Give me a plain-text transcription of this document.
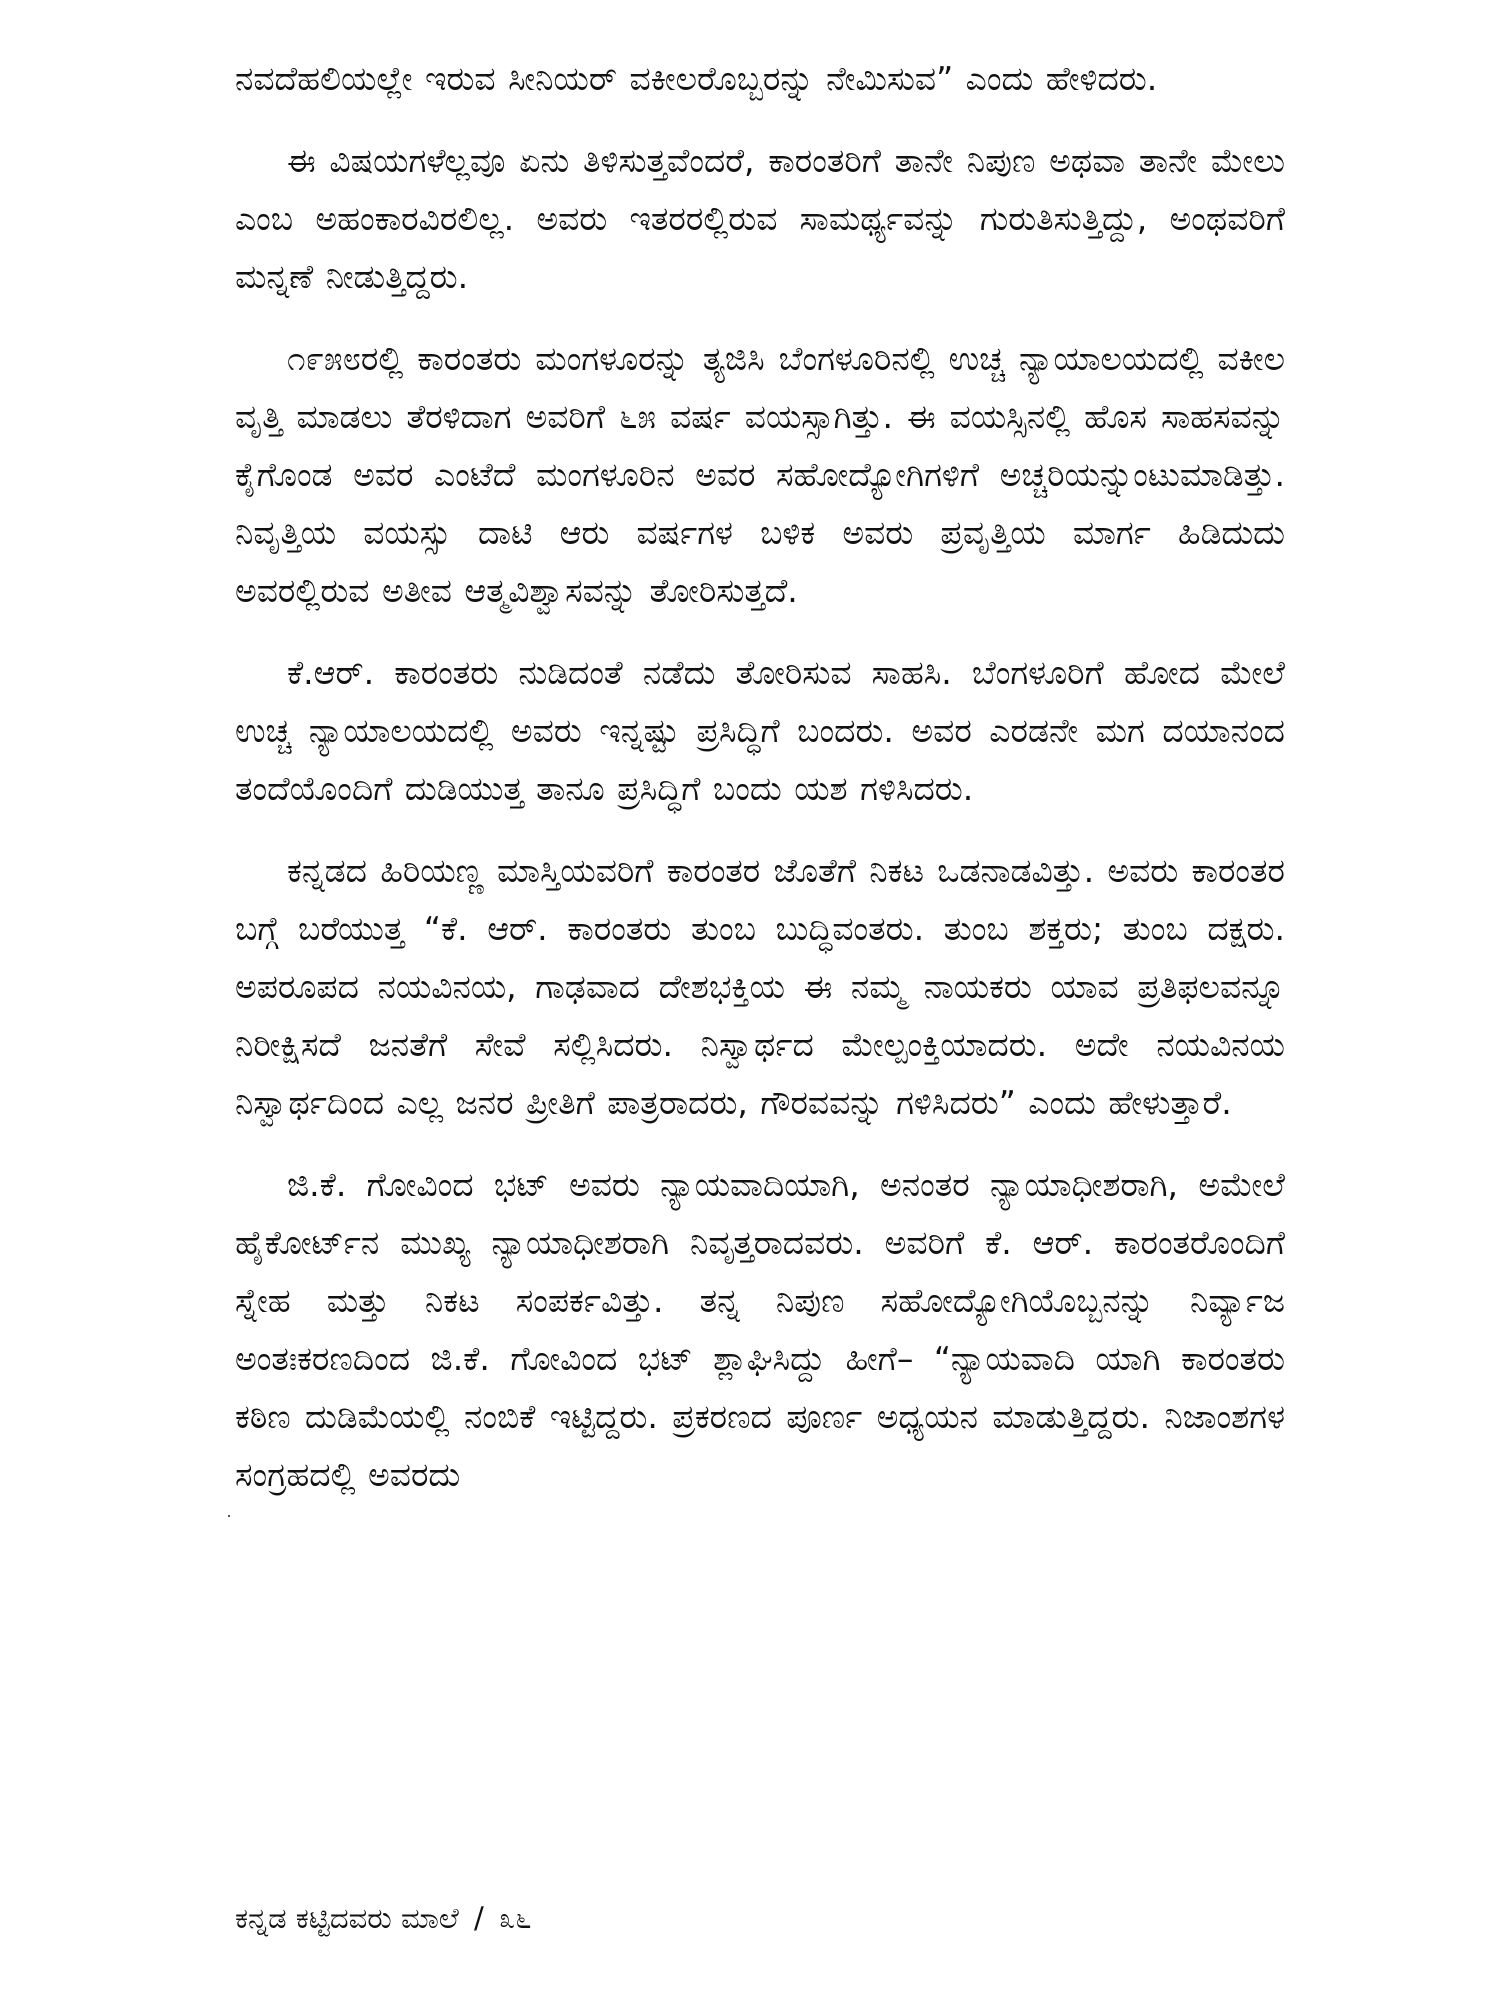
ನವದೆಹಲಿಯಲ್ಲೇ ಇರುವ ಸೀನಿಯರ್ ವಕೀಲರೊಬ್ಬರನ್ನು ನೇಮಿಸುವ” ಎಂದು ಹೇಳಿದರು.

ಈ ವಿಷಯಗಳೆಲ್ಲವೂ ಏನು ತಿಳಿಸುತ್ತವೆಂದರೆ, ಕಾರಂತರಿಗೆ ತಾನೇ ನಿಪುಣ ಅಥವಾ ತಾನೇ ಮೇಲು ಎಂಬ ಅಹಂಕಾರವಿರಲಿಲ್ಲ. ಅವರು ಇತರರಲ್ಲಿರುವ ಸಾಮರ್ಥ್ಯವನ್ನು ಗುರುತಿಸುತ್ತಿದ್ದು, ಅಂಥವರಿಗೆ ಮನ್ನಣೆ ನೀಡುತ್ತಿದ್ದರು.

೧೯೫೮ರಲ್ಲಿ ಕಾರಂತರು ಮಂಗಳೂರನ್ನು ತ್ಯಜಿಸಿ ಬೆಂಗಳೂರಿನಲ್ಲಿ ಉಚ್ಚ ನ್ಯಾಯಾಲಯದಲ್ಲಿ ವಕೀಲ ವೃತ್ತಿ ಮಾಡಲು ತೆರಳಿದಾಗ ಅವರಿಗೆ ೬೫ ವರ್ಷ ವಯಸ್ಸಾಗಿತ್ತು. ಈ ವಯಸ್ಸಿನಲ್ಲಿ ಹೊಸ ಸಾಹಸವನ್ನು ಕೈಗೊಂಡ ಅವರ ಎಂಟೆದೆ ಮಂಗಳೂರಿನ ಅವರ ಸಹೋದ್ಯೋಗಿಗಳಿಗೆ ಅಚ್ಚರಿಯನ್ನುಂಟುಮಾಡಿತ್ತು. ನಿವೃತ್ತಿಯ ವಯಸ್ಸು ದಾಟಿ ಆರು ವರ್ಷಗಳ ಬಳಿಕ ಅವರು ಪ್ರವೃತ್ತಿಯ ಮಾರ್ಗ ಹಿಡಿದುದು ಅವರಲ್ಲಿರುವ ಅತೀವ ಆತ್ಮವಿಶ್ವಾಸವನ್ನು ತೋರಿಸುತ್ತದೆ.

ಕೆ.ಆರ್. ಕಾರಂತರು ನುಡಿದಂತೆ ನಡೆದು ತೋರಿಸುವ ಸಾಹಸಿ. ಬೆಂಗಳೂರಿಗೆ ಹೋದ ಮೇಲೆ ಉಚ್ಚ ನ್ಯಾಯಾಲಯದಲ್ಲಿ ಅವರು ಇನ್ನಷ್ಟು ಪ್ರಸಿದ್ಧಿಗೆ ಬಂದರು. ಅವರ ಎರಡನೇ ಮಗ ದಯಾನಂದ ತಂದೆಯೊಂದಿಗೆ ದುಡಿಯುತ್ತ ತಾನೂ ಪ್ರಸಿದ್ಧಿಗೆ ಬಂದು ಯಶ ಗಳಿಸಿದರು.

ಕನ್ನಡದ ಹಿರಿಯಣ್ಣ ಮಾಸ್ತಿಯವರಿಗೆ ಕಾರಂತರ ಜೊತೆಗೆ ನಿಕಟ ಒಡನಾಡವಿತ್ತು. ಅವರು ಕಾರಂತರ ಬಗ್ಗೆ ಬರೆಯುತ್ತ “ಕೆ. ಆರ್. ಕಾರಂತರು ತುಂಬ ಬುದ್ಧಿವಂತರು. ತುಂಬ ಶಕ್ತರು; ತುಂಬ ದಕ್ಷರು. ಅಪರೂಪದ ನಯವಿನಯ, ಗಾಢವಾದ ದೇಶಭಕ್ತಿಯ ಈ ನಮ್ಮ ನಾಯಕರು ಯಾವ ಪ್ರತಿಫಲವನ್ನೂ ನಿರೀಕ್ಷಿಸದೆ ಜನತೆಗೆ ಸೇವೆ ಸಲ್ಲಿಸಿದರು. ನಿಸ್ವಾರ್ಥದ ಮೇಲ್ಪಂಕ್ತಿಯಾದರು. ಅದೇ ನಯವಿನಯ ನಿಸ್ವಾರ್ಥದಿಂದ ಎಲ್ಲ ಜನರ ಪ್ರೀತಿಗೆ ಪಾತ್ರರಾದರು, ಗೌರವವನ್ನು ಗಳಿಸಿದರು” ಎಂದು ಹೇಳುತ್ತಾರೆ.

ಜಿ.ಕೆ. ಗೋವಿಂದ ಭಟ್ ಅವರು ನ್ಯಾಯವಾದಿಯಾಗಿ, ಅನಂತರ ನ್ಯಾಯಾಧೀಶರಾಗಿ, ಅಮೇಲೆ ಹೈಕೋರ್ಟ್‌ನ ಮುಖ್ಯ ನ್ಯಾಯಾಧೀಶರಾಗಿ ನಿವೃತ್ತರಾದವರು. ಅವರಿಗೆ ಕೆ. ಆರ್. ಕಾರಂತರೊಂದಿಗೆ ಸ್ನೇಹ ಮತ್ತು ನಿಕಟ ಸಂಪರ್ಕವಿತ್ತು. ತನ್ನ ನಿಪುಣ ಸಹೋದ್ಯೋಗಿಯೊಬ್ಬನನ್ನು ನಿರ್ವ್ಯಾಜ ಅಂತಃಕರಣದಿಂದ ಜಿ.ಕೆ. ಗೋವಿಂದ ಭಟ್ ಶ್ಲಾಘಿಸಿದ್ದು ಹೀಗೆ– “ನ್ಯಾಯವಾದಿ ಯಾಗಿ ಕಾರಂತರು ಕಠಿಣ ದುಡಿಮೆಯಲ್ಲಿ ನಂಬಿಕೆ ಇಟ್ಟಿದ್ದರು. ಪ್ರಕರಣದ ಪೂರ್ಣ ಅಧ್ಯಯನ ಮಾಡುತ್ತಿದ್ದರು. ನಿಜಾಂಶಗಳ ಸಂಗ್ರಹದಲ್ಲಿ ಅವರದು

ಕನ್ನಡ ಕಟ್ಟಿದವರು ಮಾಲೆ / ೩೬
